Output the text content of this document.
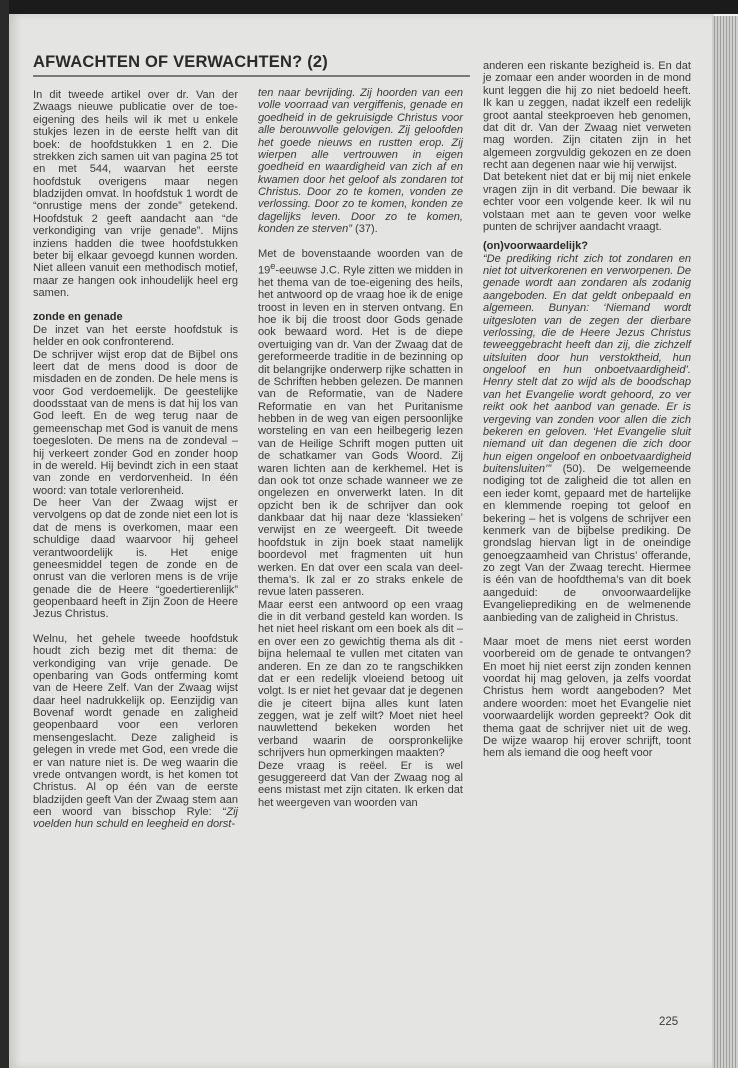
AFWACHTEN OF VERWACHTEN? (2)

In dit tweede artikel over dr. Van der Zwaags nieuwe publicatie over de toe-eigening des heils wil ik met u enkele stukjes lezen in de eerste helft van dit boek: de hoofdstukken 1 en 2. Die strekken zich samen uit van pagina 25 tot en met 544, waarvan het eerste hoofdstuk overigens maar negen bladzijden omvat. In hoofdstuk 1 wordt de “onrustige mens der zonde” getekend. Hoofdstuk 2 geeft aandacht aan “de verkondiging van vrije genade”. Mijns inziens hadden die twee hoofdstukken beter bij elkaar gevoegd kunnen worden. Niet alleen vanuit een methodisch motief, maar ze hangen ook inhoudelijk heel erg samen.

zonde en genade

De inzet van het eerste hoofdstuk is helder en ook confronterend.

De schrijver wijst erop dat de Bijbel ons leert dat de mens dood is door de misdaden en de zonden. De hele mens is voor God verdoemelijk. De geestelijke doodsstaat van de mens is dat hij los van God leeft. En de weg terug naar de gemeenschap met God is vanuit de mens toegesloten. De mens na de zondeval – hij verkeert zonder God en zonder hoop in de wereld. Hij bevindt zich in een staat van zonde en verdorvenheid. In één woord: van totale verlorenheid.

De heer Van der Zwaag wijst er vervolgens op dat de zonde niet een lot is dat de mens is overkomen, maar een schuldige daad waarvoor hij geheel verantwoordelijk is. Het enige geneesmiddel tegen de zonde en de onrust van die verloren mens is de vrije genade die de Heere “goedertierenlijk” geopenbaard heeft in Zijn Zoon de Heere Jezus Christus.

Welnu, het gehele tweede hoofdstuk houdt zich bezig met dit thema: de verkondiging van vrije genade. De openbaring van Gods ontferming komt van de Heere Zelf. Van der Zwaag wijst daar heel nadrukkelijk op. Eenzijdig van Bovenaf wordt genade en zaligheid geopenbaard voor een verloren mensengeslacht. Deze zaligheid is gelegen in vrede met God, een vrede die er van nature niet is. De weg waarin die vrede ontvangen wordt, is het komen tot Christus. Al op één van de eerste bladzijden geeft Van der Zwaag stem aan een woord van bisschop Ryle: “Zij voelden hun schuld en leegheid en dorst-

ten naar bevrijding. Zij hoorden van een volle voorraad van vergiffenis, genade en goedheid in de gekruisigde Christus voor alle berouwvolle gelovigen. Zij geloofden het goede nieuws en rustten erop. Zij wierpen alle vertrouwen in eigen goedheid en waardigheid van zich af en kwamen door het geloof als zondaren tot Christus. Door zo te komen, vonden ze verlossing. Door zo te komen, konden ze dagelijks leven. Door zo te komen, konden ze sterven” (37).

Met de bovenstaande woorden van de 19e-eeuwse J.C. Ryle zitten we midden in het thema van de toe-eigening des heils, het antwoord op de vraag hoe ik de enige troost in leven en in sterven ontvang. En hoe ik bij die troost door Gods genade ook bewaard word. Het is de diepe overtuiging van dr. Van der Zwaag dat de gereformeerde traditie in de bezinning op dit belangrijke onderwerp rijke schatten in de Schriften hebben gelezen. De mannen van de Reformatie, van de Nadere Reformatie en van het Puritanisme hebben in de weg van eigen persoonlijke worsteling en van een heilbegerig lezen van de Heilige Schrift mogen putten uit de schatkamer van Gods Woord. Zij waren lichten aan de kerkhemel. Het is dan ook tot onze schade wanneer we ze ongelezen en onverwerkt laten. In dit opzicht ben ik de schrijver dan ook dankbaar dat hij naar deze ‘klassieken’ verwijst en ze weergeeft. Dit tweede hoofdstuk in zijn boek staat namelijk boordevol met fragmenten uit hun werken. En dat over een scala van deel-thema’s. Ik zal er zo straks enkele de revue laten passeren.

Maar eerst een antwoord op een vraag die in dit verband gesteld kan worden. Is het niet heel riskant om een boek als dit – en over een zo gewichtig thema als dit - bijna helemaal te vullen met citaten van anderen. En ze dan zo te rangschikken dat er een redelijk vloeiend betoog uit volgt. Is er niet het gevaar dat je degenen die je citeert bijna alles kunt laten zeggen, wat je zelf wilt? Moet niet heel nauwlettend bekeken worden het verband waarin de oorspronkelijke schrijvers hun opmerkingen maakten?

Deze vraag is reëel. Er is wel gesuggereerd dat Van der Zwaag nog al eens mistast met zijn citaten. Ik erken dat het weergeven van woorden van

anderen een riskante bezigheid is. En dat je zomaar een ander woorden in de mond kunt leggen die hij zo niet bedoeld heeft. Ik kan u zeggen, nadat ikzelf een redelijk groot aantal steekproeven heb genomen, dat dit dr. Van der Zwaag niet verweten mag worden. Zijn citaten zijn in het algemeen zorgvuldig gekozen en ze doen recht aan degenen naar wie hij verwijst.

Dat betekent niet dat er bij mij niet enkele vragen zijn in dit verband. Die bewaar ik echter voor een volgende keer. Ik wil nu volstaan met aan te geven voor welke punten de schrijver aandacht vraagt.

(on)voorwaardelijk?

“De prediking richt zich tot zondaren en niet tot uitverkorenen en verworpenen. De genade wordt aan zondaren als zodanig aangeboden. En dat geldt onbepaald en algemeen. Bunyan: ‘Niemand wordt uitgesloten van de zegen der dierbare verlossing, die de Heere Jezus Christus teweeggebracht heeft dan zij, die zichzelf uitsluiten door hun verstoktheid, hun ongeloof en hun onboetvaardigheid’. Henry stelt dat zo wijd als de boodschap van het Evangelie wordt gehoord, zo ver reikt ook het aanbod van genade. Er is vergeving van zonden voor allen die zich bekeren en geloven. ‘Het Evangelie sluit niemand uit dan degenen die zich door hun eigen ongeloof en onboetvaardigheid buitensluiten’” (50). De welgemeende nodiging tot de zaligheid die tot allen en een ieder komt, gepaard met de hartelijke en klemmende roeping tot geloof en bekering – het is volgens de schrijver een kenmerk van de bijbelse prediking. De grondslag hiervan ligt in de oneindige genoegzaamheid van Christus’ offerande, zo zegt Van der Zwaag terecht. Hiermee is één van de hoofdthema’s van dit boek aangeduid: de onvoorwaardelijke Evangelieprediking en de welmenende aanbieding van de zaligheid in Christus.

Maar moet de mens niet eerst worden voorbereid om de genade te ontvangen? En moet hij niet eerst zijn zonden kennen voordat hij mag geloven, ja zelfs voordat Christus hem wordt aangeboden? Met andere woorden: moet het Evangelie niet voorwaardelijk worden gepreekt? Ook dit thema gaat de schrijver niet uit de weg. De wijze waarop hij erover schrijft, toont hem als iemand die oog heeft voor

225
